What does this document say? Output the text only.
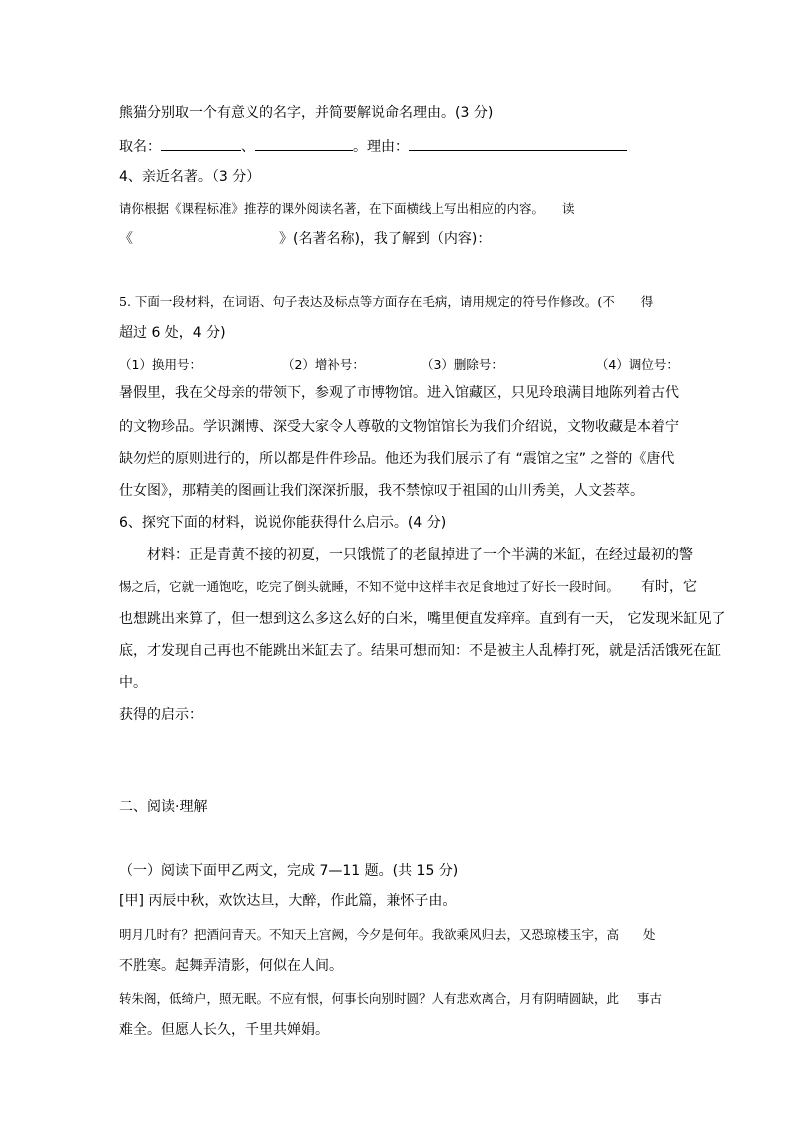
熊猫分别取一个有意义的名字，并简要解说命名理由。(3 分)
取名：	、	。理由：
4、亲近名著。（3 分）
请你根据《课程标准》推荐的课外阅读名著，在下面横线上写出相应的内容。 读
《	》(名著名称)，我了解到（内容)：
5. 下面一段材料，在词语、句子表达及标点等方面存在毛病，请用规定的符号作修改。(不 得
超过 6 处，4 分)
（1）换用号：	（2）增补号：	（3）删除号：	（4）调位号：
暑假里，我在父母亲的带领下，参观了市博物馆。进入馆藏区，只见玲琅满目地陈列着古代
的文物珍品。学识渊博、深受大家令人尊敬的文物馆馆长为我们介绍说，文物收藏是本着宁
缺勿烂的原则进行的，所以都是件件珍品。他还为我们展示了有 “震馆之宝” 之誉的《唐代
仕女图》，那精美的图画让我们深深折服，我不禁惊叹于祖国的山川秀美，人文荟萃。
6、探究下面的材料，说说你能获得什么启示。(4 分)
材料：正是青黄不接的初夏，一只饿慌了的老鼠掉进了一个半满的米缸，在经过最初的警
惕之后，它就一通饱吃，吃完了倒头就睡，不知不觉中这样丰衣足食地过了好长一段时间。 有时，它
也想跳出来算了，但一想到这么多这么好的白米，嘴里便直发痒痒。直到有一天， 它发现米缸见了
底，才发现自己再也不能跳出米缸去了。结果可想而知：不是被主人乱棒打死，就是活活饿死在缸
中。
获得的启示：
二、阅读·理解
（一）阅读下面甲乙两文，完成 7—11 题。(共 15 分)
[甲] 丙辰中秋，欢饮达旦，大醉，作此篇，兼怀子由。
明月几时有？把酒问青天。不知天上宫阙，今夕是何年。我欲乘风归去，又恐琼楼玉宇，高 处
不胜寒。起舞弄清影，何似在人间。
转朱阁，低绮户，照无眠。不应有恨，何事长向别时圆？人有悲欢离合，月有阴晴圆缺，此 事古
难全。但愿人长久，千里共婵娟。
